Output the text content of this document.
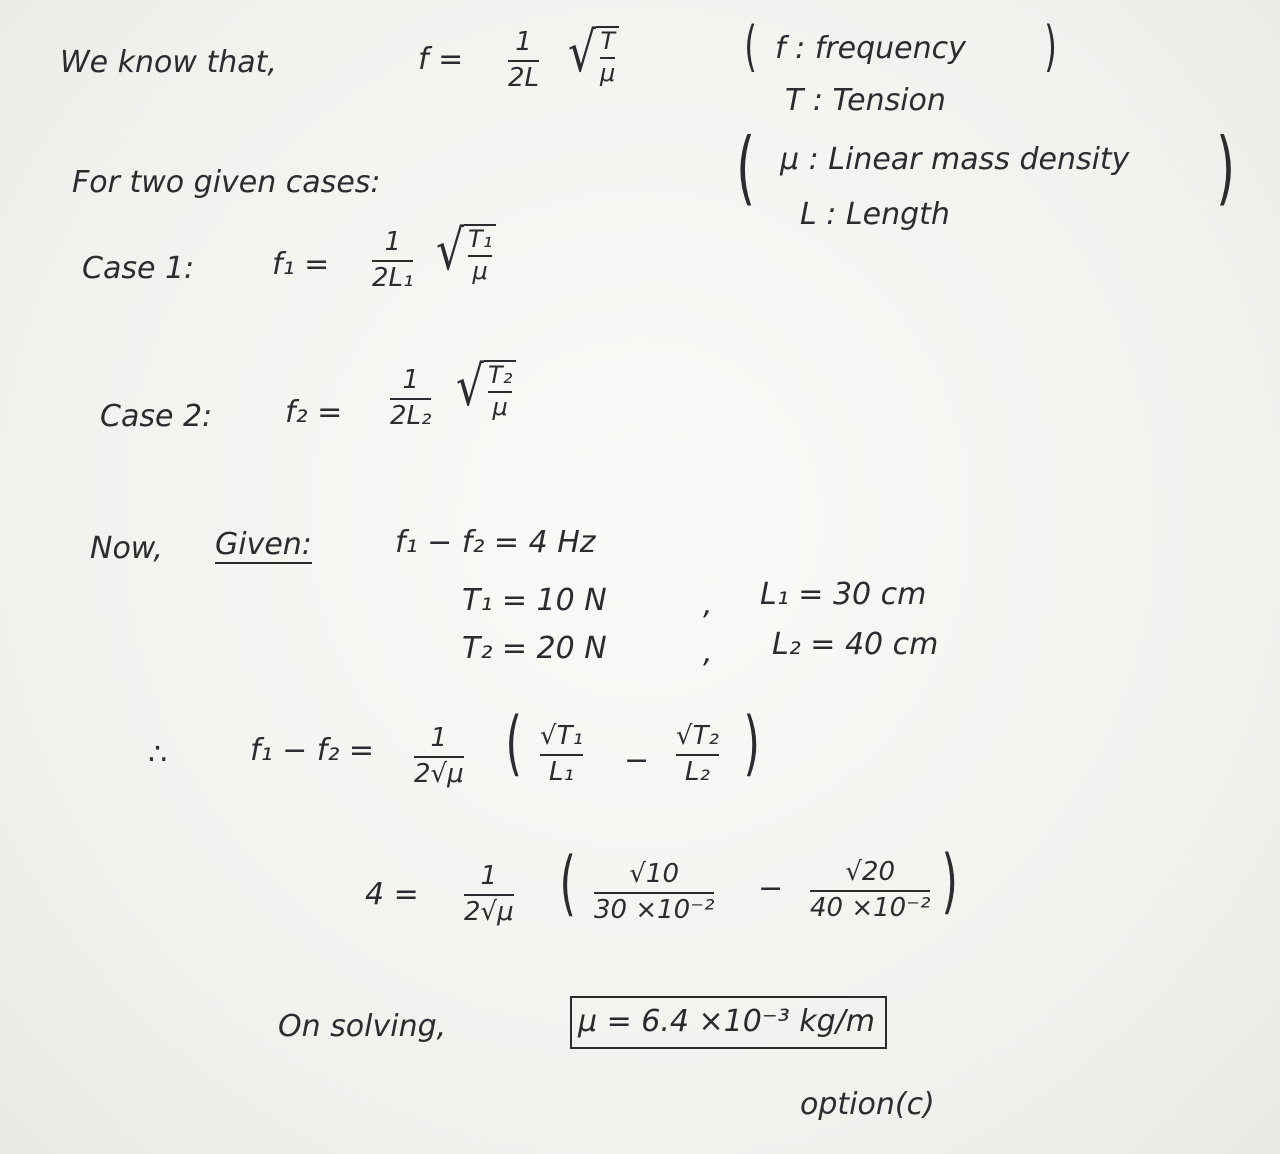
We know that,	f = 1
2L √ T
μ ( f : frequency )
T : Tension
( μ : Linear mass density )
L : Length
For two given cases:
Case 1:	f₁ =
1
2L₁ √ T₁
μ
Case 2: f₂ =
1
2L₂ √ T₂
μ
Now, Given:	f₁ − f₂ = 4 Hz
T₁ = 10 N	, L₁ = 30 cm
T₂ = 20 N	, L₂ = 40 cm
∴	f₁ − f₂ = 1
2√μ ( √T₁
L₁ −
√T₂
L₂ )
4 =
1
2√μ ( √10
30 ×10⁻²
− √20
40 ×10⁻² )
On solving,	μ = 6.4 ×10⁻³ kg/m
option(c)
